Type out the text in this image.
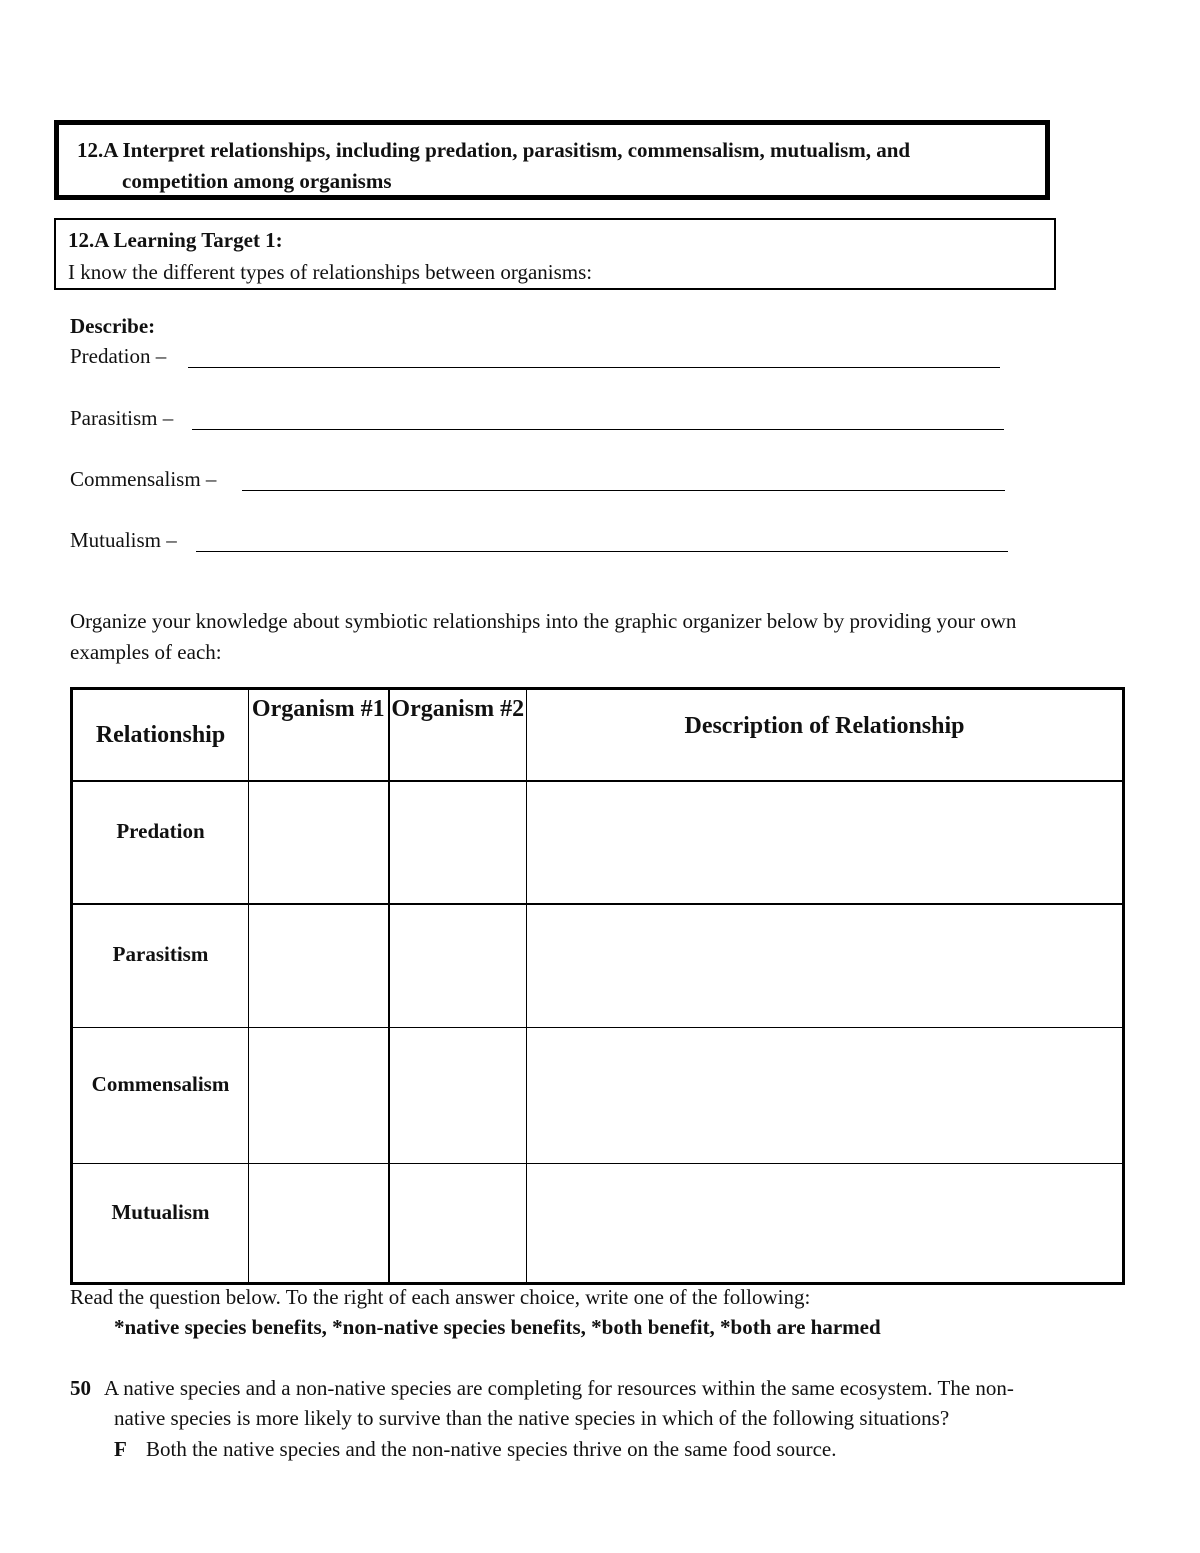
12.A Interpret relationships, including predation, parasitism, commensalism, mutualism, and
competition among organisms
12.A Learning Target 1:
I know the different types of relationships between organisms:
Describe:
Predation –
Parasitism –
Commensalism –
Mutualism –
Organize your knowledge about symbiotic relationships into the graphic organizer below by providing your own
examples of each:
Relationship	Organism #1	Organism #2	Description of Relationship
Predation			
Parasitism			
Commensalism			
Mutualism			
Read the question below. To the right of each answer choice, write one of the following:
*native species benefits, *non-native species benefits, *both benefit, *both are harmed
50 A native species and a non-native species are completing for resources within the same ecosystem. The non-
native species is more likely to survive than the native species in which of the following situations?
F Both the native species and the non-native species thrive on the same food source.
